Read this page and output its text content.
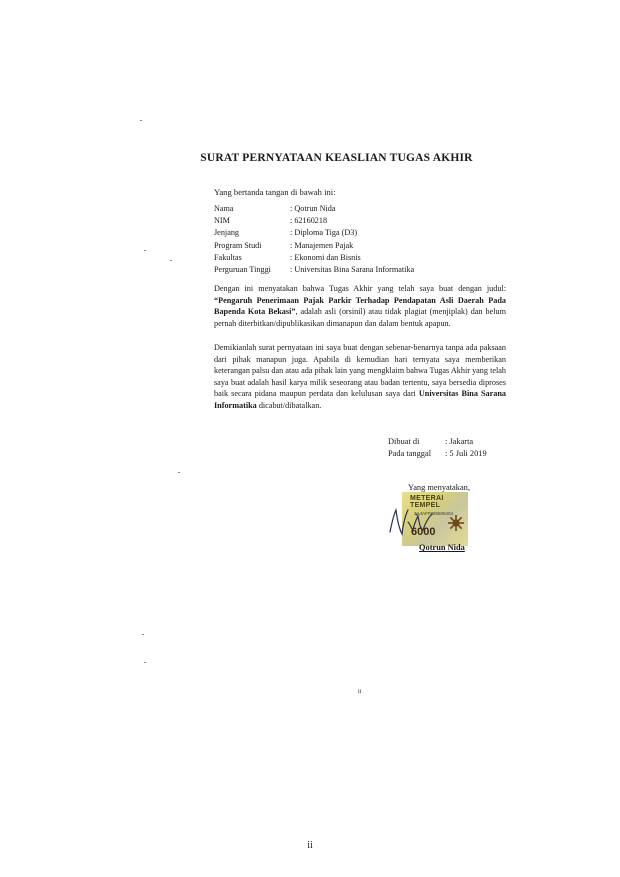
SURAT PERNYATAAN KEASLIAN TUGAS AKHIR
Yang bertanda tangan di bawah ini:
Nama	: Qotrun Nida
NIM	: 62160218
Jenjang	: Diploma Tiga (D3)
Program Studi	: Manajemen Pajak
Fakultas	: Ekonomi dan Bisnis
Perguruan Tinggi	: Universitas Bina Sarana Informatika
Dengan ini menyatakan bahwa Tugas Akhir yang telah saya buat dengan judul: “Pengaruh Penerimaan Pajak Parkir Terhadap Pendapatan Asli Daerah Pada Bapenda Kota Bekasi”, adalah asli (orsinil) atau tidak plagiat (menjiplak) dan belum pernah diterbitkan/dipublikasikan dimanapun dan dalam bentuk apapun.
Demikianlah surat pernyataan ini saya buat dengan sebenar-benarnya tanpa ada paksaan dari pihak manapun juga. Apabila di kemudian hari ternyata saya memberikan keterangan palsu dan atau ada pihak lain yang mengklaim bahwa Tugas Akhir yang telah saya buat adalah hasil karya milik seseorang atau badan tertentu, saya bersedia diproses baik secara pidana maupun perdata dan kelulusan saya dari Universitas Bina Sarana Informatika dicabut/dibatalkan.
Dibuat di	: Jakarta
Pada tanggal	: 5 Juli 2019
Yang menyatakan,
METERAI
TEMPEL
3A4AFF885505404
6000
Qotrun Nida
ii
ii
